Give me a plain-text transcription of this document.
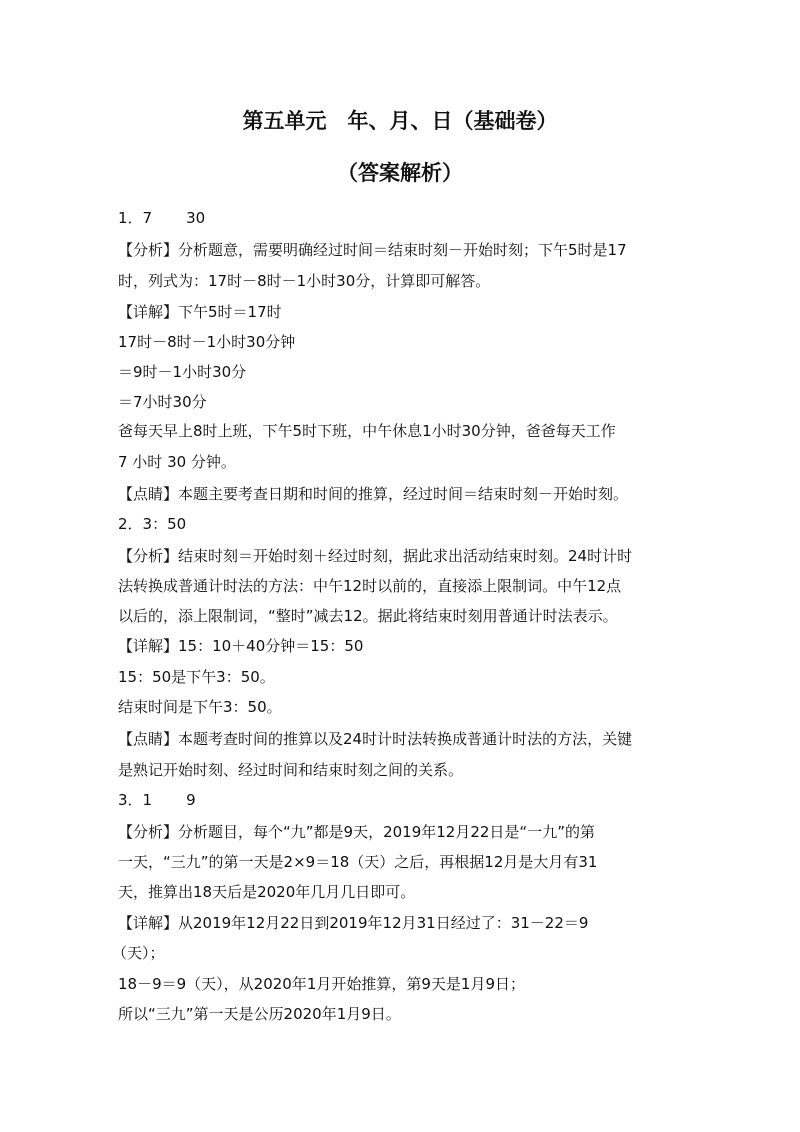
第五单元　年、月、日（基础卷）
（答案解析）
1．7 30
【分析】分析题意，需要明确经过时间＝结束时刻－开始时刻；下午5时是17
时，列式为：17时－8时－1小时30分，计算即可解答。
【详解】下午5时＝17时
17时－8时－1小时30分钟
＝9时－1小时30分
＝7小时30分
爸每天早上8时上班，下午5时下班，中午休息1小时30分钟，爸爸每天工作
7 小时 30 分钟。
【点睛】本题主要考查日期和时间的推算，经过时间＝结束时刻－开始时刻。
2．3：50
【分析】结束时刻＝开始时刻＋经过时刻，据此求出活动结束时刻。24时计时
法转换成普通计时法的方法：中午12时以前的，直接添上限制词。中午12点
以后的，添上限制词，“整时”减去12。据此将结束时刻用普通计时法表示。
【详解】15：10＋40分钟＝15：50
15：50是下午3：50。
结束时间是下午3：50。
【点睛】本题考查时间的推算以及24时计时法转换成普通计时法的方法，关键
是熟记开始时刻、经过时间和结束时刻之间的关系。
3．1 9
【分析】分析题目，每个“九”都是9天，2019年12月22日是“一九”的第
一天，“三九”的第一天是2×9＝18（天）之后，再根据12月是大月有31
天，推算出18天后是2020年几月几日即可。
【详解】从2019年12月22日到2019年12月31日经过了：31－22＝9
（天）；
18－9＝9（天），从2020年1月开始推算，第9天是1月9日；
所以“三九”第一天是公历2020年1月9日。
